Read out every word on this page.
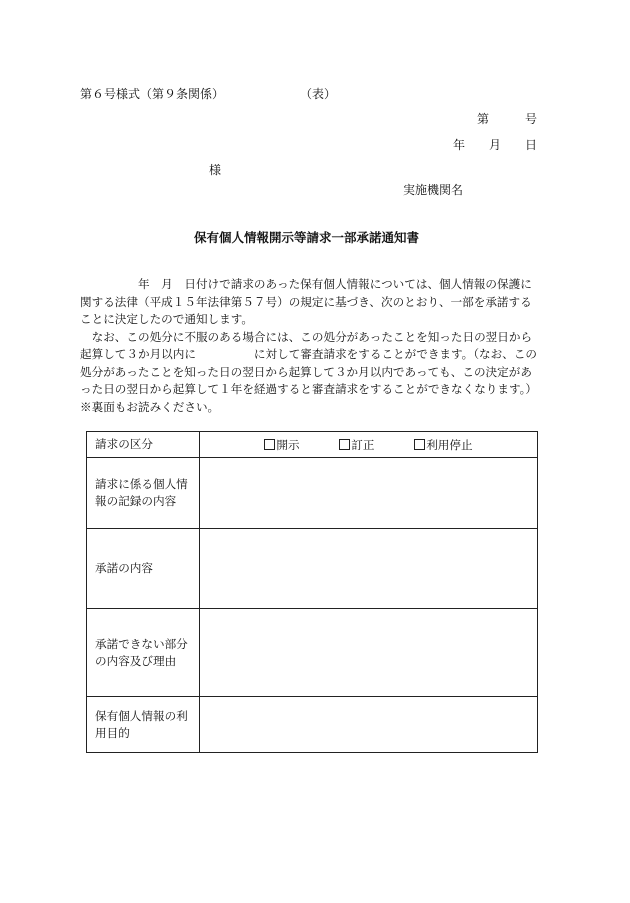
第６号様式（第９条関係）	（表）
第	号
年 月 日
様
実施機関名
保有個人情報開示等請求一部承諾通知書
　　　　　年　月　日付けで請求のあった保有個人情報については、個人情報の保護に
関する法律（平成１５年法律第５７号）の規定に基づき、次のとおり、一部を承諾する
ことに決定したので通知します。
　なお、この処分に不服のある場合には、この処分があったことを知った日の翌日から
起算して３か月以内に　　　　　に対して審査請求をすることができます。（なお、この
処分があったことを知った日の翌日から起算して３か月以内であっても、この決定があ
った日の翌日から起算して１年を経過すると審査請求をすることができなくなります。）
※裏面もお読みください。
請求の区分	開示 訂正 利用停止
請求に係る個人情報の記録の内容	
承諾の内容	
承諾できない部分の内容及び理由	
保有個人情報の利用目的	
